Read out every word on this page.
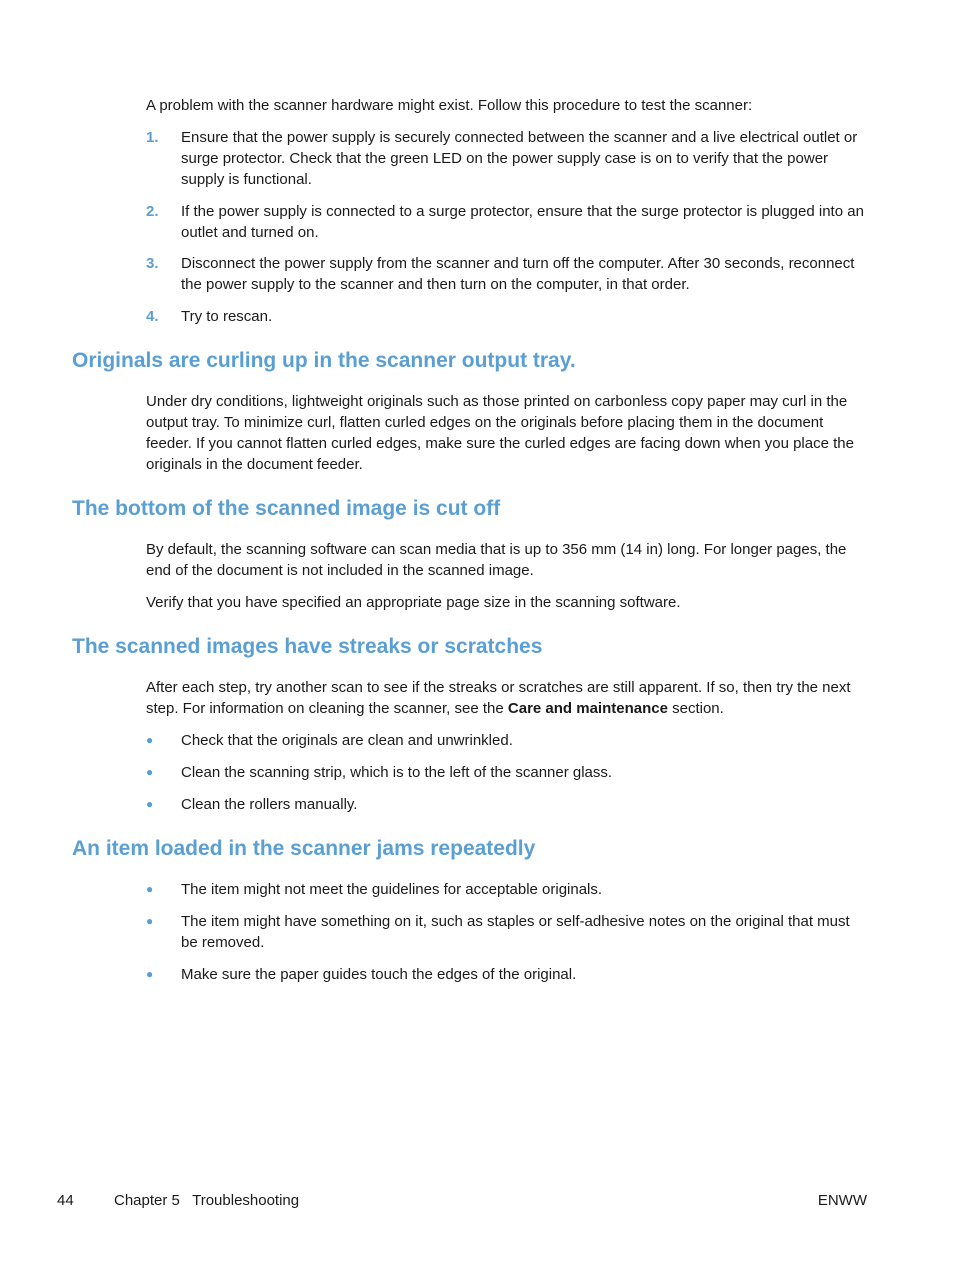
A problem with the scanner hardware might exist. Follow this procedure to test the scanner:

1. Ensure that the power supply is securely connected between the scanner and a live electrical outlet or surge protector. Check that the green LED on the power supply case is on to verify that the power supply is functional.
2. If the power supply is connected to a surge protector, ensure that the surge protector is plugged into an outlet and turned on.
3. Disconnect the power supply from the scanner and turn off the computer. After 30 seconds, reconnect the power supply to the scanner and then turn on the computer, in that order.
4. Try to rescan.
Originals are curling up in the scanner output tray.

Under dry conditions, lightweight originals such as those printed on carbonless copy paper may curl in the output tray. To minimize curl, flatten curled edges on the originals before placing them in the document feeder. If you cannot flatten curled edges, make sure the curled edges are facing down when you place the originals in the document feeder.

The bottom of the scanned image is cut off

By default, the scanning software can scan media that is up to 356 mm (14 in) long. For longer pages, the end of the document is not included in the scanned image.

Verify that you have specified an appropriate page size in the scanning software.

The scanned images have streaks or scratches

After each step, try another scan to see if the streaks or scratches are still apparent. If so, then try the next step. For information on cleaning the scanner, see the Care and maintenance section.

● Check that the originals are clean and unwrinkled.
● Clean the scanning strip, which is to the left of the scanner glass.
● Clean the rollers manually.
An item loaded in the scanner jams repeatedly
● The item might not meet the guidelines for acceptable originals.
● The item might have something on it, such as staples or self-adhesive notes on the original that must be removed.
● Make sure the paper guides touch the edges of the original.
44	Chapter 5   Troubleshooting	ENWW
